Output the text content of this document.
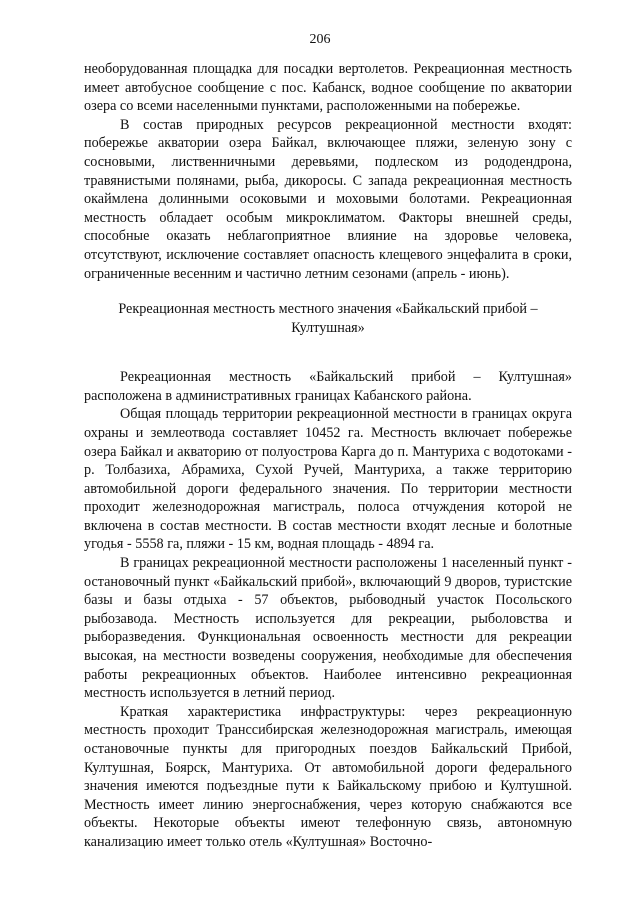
206

необорудованная площадка для посадки вертолетов. Рекреационная местность имеет автобусное сообщение с пос. Кабанск, водное сообщение по акватории озера со всеми населенными пунктами, расположенными на побережье.

В состав природных ресурсов рекреационной местности входят: побережье акватории озера Байкал, включающее пляжи, зеленую зону с сосновыми, лиственничными деревьями, подлеском из рододендрона, травянистыми полянами, рыба, дикоросы. С запада рекреационная местность окаймлена долинными осоковыми и моховыми болотами. Рекреационная местность обладает особым микроклиматом. Факторы внешней среды, способные оказать неблагоприятное влияние на здоровье человека, отсутствуют, исключение составляет опасность клещевого энцефалита в сроки, ограниченные весенним и частично летним сезонами (апрель - июнь).

Рекреационная местность местного значения «Байкальский прибой – Култушная»

Рекреационная местность «Байкальский прибой – Култушная» расположена в административных границах Кабанского района.

Общая площадь территории рекреационной местности в границах округа охраны и землеотвода составляет 10452 га. Местность включает побережье озера Байкал и акваторию от полуострова Карга до п. Мантуриха с водотоками - р. Толбазиха, Абрамиха, Сухой Ручей, Мантуриха, а также территорию автомобильной дороги федерального значения. По территории местности проходит железнодорожная магистраль, полоса отчуждения которой не включена в состав местности. В состав местности входят лесные и болотные угодья - 5558 га, пляжи - 15 км, водная площадь - 4894 га.

В границах рекреационной местности расположены 1 населенный пункт - остановочный пункт «Байкальский прибой», включающий 9 дворов, туристские базы и базы отдыха - 57 объектов, рыбоводный участок Посольского рыбозавода. Местность используется для рекреации, рыболовства и рыборазведения. Функциональная освоенность местности для рекреации высокая, на местности возведены сооружения, необходимые для обеспечения работы рекреационных объектов. Наиболее интенсивно рекреационная местность используется в летний период.

Краткая характеристика инфраструктуры: через рекреационную местность проходит Транссибирская железнодорожная магистраль, имеющая остановочные пункты для пригородных поездов Байкальский Прибой, Култушная, Боярск, Мантуриха. От автомобильной дороги федерального значения имеются подъездные пути к Байкальскому прибою и Култушной. Местность имеет линию энергоснабжения, через которую снабжаются все объекты. Некоторые объекты имеют телефонную связь, автономную канализацию имеет только отель «Култушная» Восточно-
